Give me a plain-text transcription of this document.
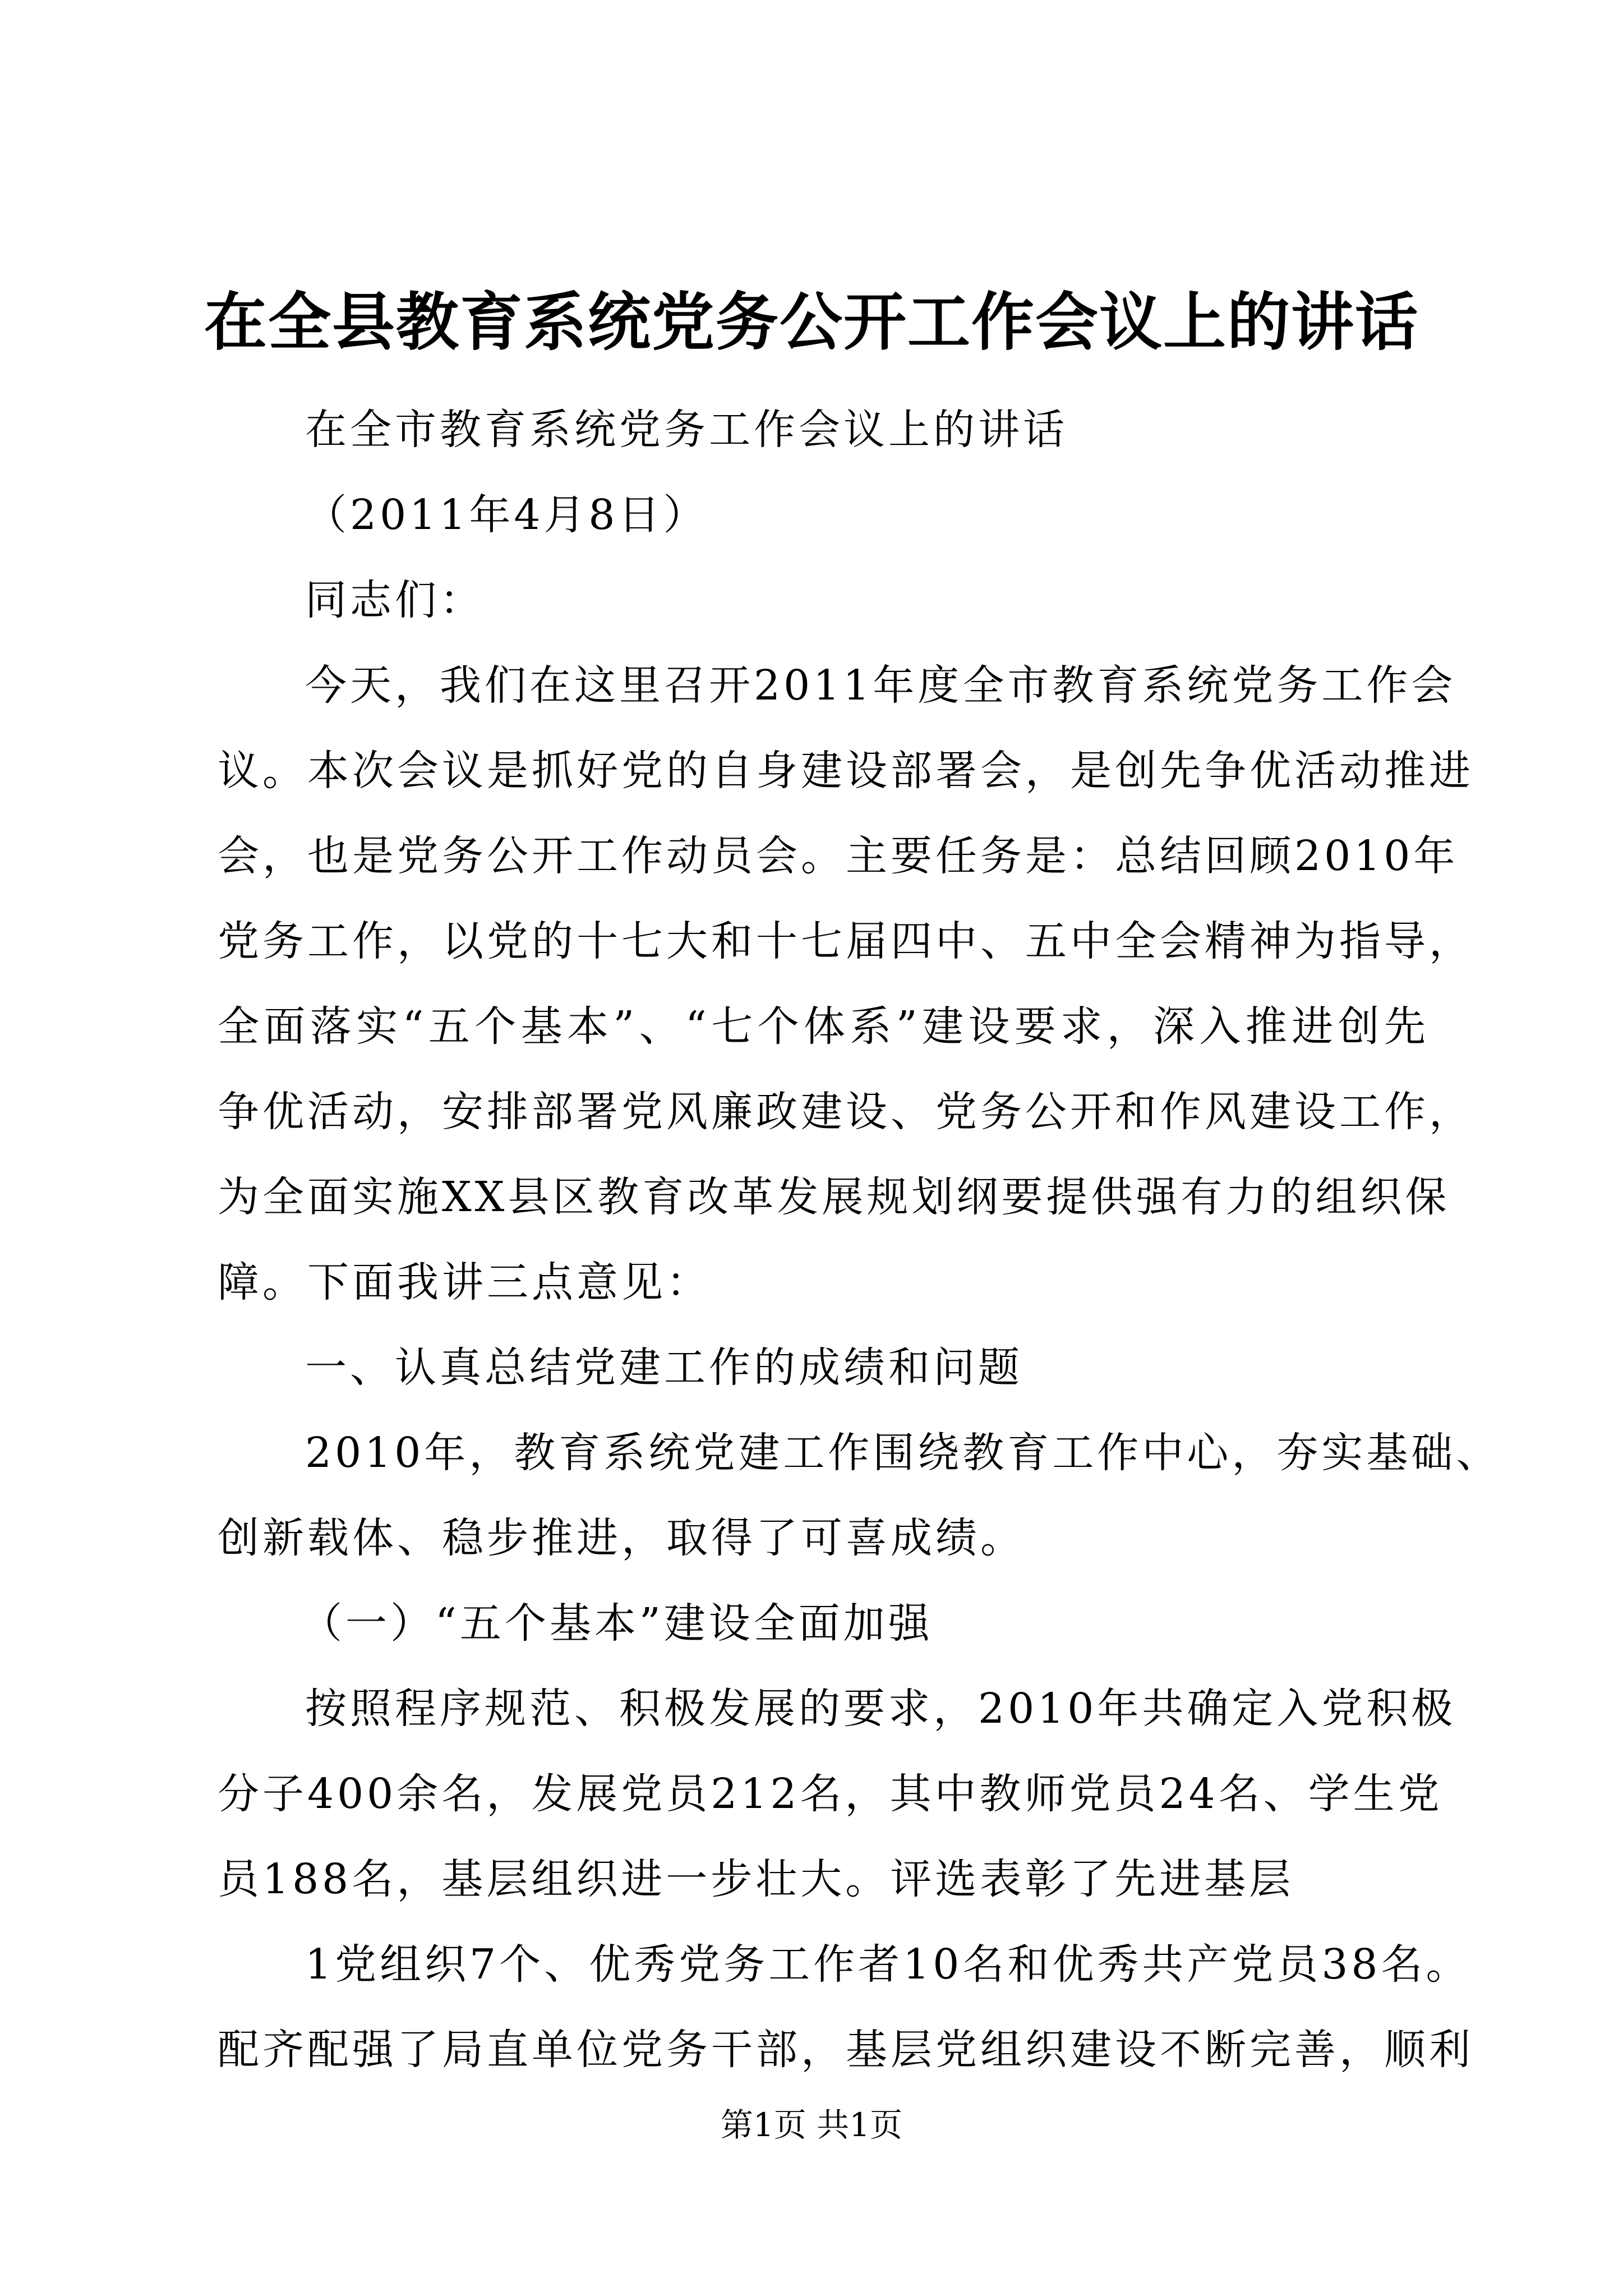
在全县教育系统党务公开工作会议上的讲话
在全市教育系统党务工作会议上的讲话
（2011年4月8日）
同志们：
今天，我们在这里召开2011年度全市教育系统党务工作会
议。本次会议是抓好党的自身建设部署会，是创先争优活动推进
会，也是党务公开工作动员会。主要任务是：总结回顾2010年
党务工作，以党的十七大和十七届四中、五中全会精神为指导，
全面落实“五个基本”、“七个体系”建设要求，深入推进创先
争优活动，安排部署党风廉政建设、党务公开和作风建设工作，
为全面实施XX县区教育改革发展规划纲要提供强有力的组织保
障。下面我讲三点意见：
一、认真总结党建工作的成绩和问题
2010年，教育系统党建工作围绕教育工作中心，夯实基础、
创新载体、稳步推进，取得了可喜成绩。
（一）“五个基本”建设全面加强
按照程序规范、积极发展的要求，2010年共确定入党积极
分子400余名，发展党员212名，其中教师党员24名、学生党
员188名，基层组织进一步壮大。评选表彰了先进基层
1党组织7个、优秀党务工作者10名和优秀共产党员38名。
配齐配强了局直单位党务干部，基层党组织建设不断完善，顺利
第1页 共1页
